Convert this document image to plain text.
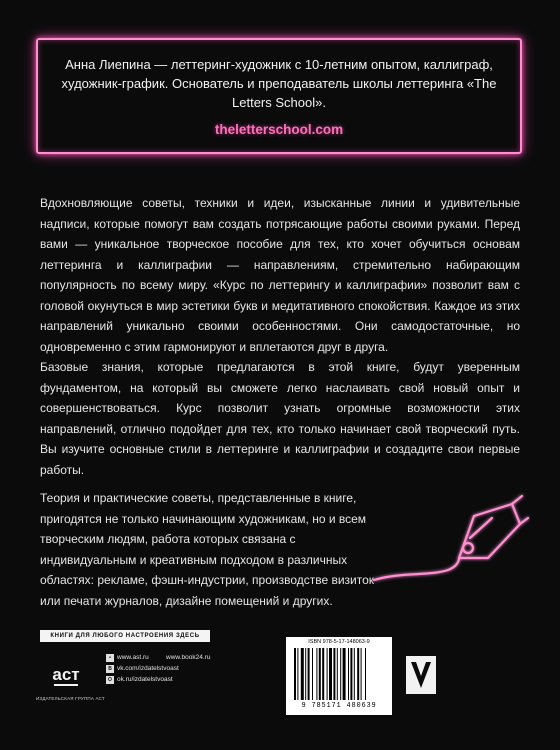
Анна Лиепина — леттеринг-художник с 10-летним опытом, каллиграф, художник-график. Основатель и преподаватель школы леттеринга «The Letters School».

theletterschool.com

Вдохновляющие советы, техники и идеи, изысканные линии и удивительные надписи, которые помогут вам создать потрясающие работы своими руками. Перед вами — уникальное творческое пособие для тех, кто хочет обучиться основам леттеринга и каллиграфии — направлениям, стремительно набирающим популярность по всему миру. «Курс по леттерингу и каллиграфии» позволит вам с головой окунуться в мир эстетики букв и медитативного спокойствия. Каждое из этих направлений уникально своими особенностями. Они самодостаточные, но одновременно с этим гармонируют и вплетаются друг в друга.

Базовые знания, которые предлагаются в этой книге, будут уверенным фундаментом, на который вы сможете легко наслаивать свой новый опыт и совершенствоваться. Курс позволит узнать огромные возможности этих направлений, отлично подойдет для тех, кто только начинает свой творческий путь. Вы изучите основные стили в леттеринге и каллиграфии и создадите свои первые работы.

Теория и практические советы, представленные в книге, пригодятся не только начинающим художникам, но и всем творческим людям, работа которых связана с индивидуальным и креативным подходом в различных областях: рекламе, фэшн-индустрии, производстве визиток или печати журналов, дизайне помещений и других.

КНИГИ ДЛЯ ЛЮБОГО НАСТРОЕНИЯ ЗДЕСЬ
аст
ИЗДАТЕЛЬСКАЯ ГРУППА АСТ
• www.ast.ru
В vk.com/izdatelstvoast
О ok.ru/izdatelstvoast
www.book24.ru
ISBN 978-5-17-148063-9
9 785171 480639
